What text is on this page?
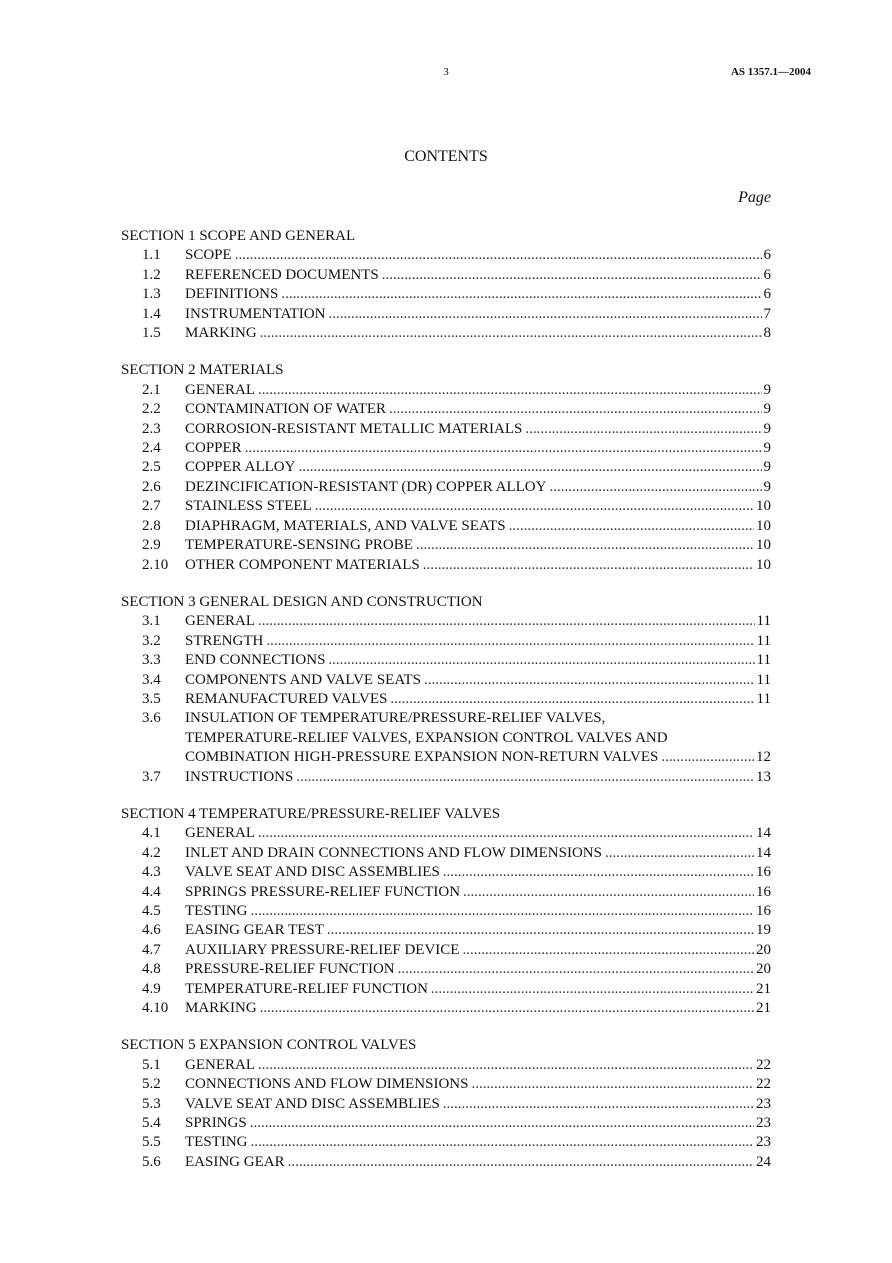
3	AS 1357.1—2004
CONTENTS
Page
SECTION 1 SCOPE AND GENERAL
1.1	SCOPE .....	6
1.2	REFERENCED DOCUMENTS .....	6
1.3	DEFINITIONS .....	6
1.4	INSTRUMENTATION .....	7
1.5	MARKING .....	8
SECTION 2 MATERIALS
2.1	GENERAL .....	9
2.2	CONTAMINATION OF WATER .....	9
2.3	CORROSION-RESISTANT METALLIC MATERIALS .....	9
2.4	COPPER .....	9
2.5	COPPER ALLOY .....	9
2.6	DEZINCIFICATION-RESISTANT (DR) COPPER ALLOY .....	9
2.7	STAINLESS STEEL .....	10
2.8	DIAPHRAGM, MATERIALS, AND VALVE SEATS .....	10
2.9	TEMPERATURE-SENSING PROBE .....	10
2.10	OTHER COMPONENT MATERIALS .....	10
SECTION 3 GENERAL DESIGN AND CONSTRUCTION
3.1	GENERAL .....	11
3.2	STRENGTH .....	11
3.3	END CONNECTIONS .....	11
3.4	COMPONENTS AND VALVE SEATS .....	11
3.5	REMANUFACTURED VALVES .....	11
3.6	INSULATION OF TEMPERATURE/PRESSURE-RELIEF VALVES,
TEMPERATURE-RELIEF VALVES, EXPANSION CONTROL VALVES AND
COMBINATION HIGH-PRESSURE EXPANSION NON-RETURN VALVES .....	12
3.7	INSTRUCTIONS .....	13
SECTION 4 TEMPERATURE/PRESSURE-RELIEF VALVES
4.1	GENERAL .....	14
4.2	INLET AND DRAIN CONNECTIONS AND FLOW DIMENSIONS .....	14
4.3	VALVE SEAT AND DISC ASSEMBLIES .....	16
4.4	SPRINGS PRESSURE-RELIEF FUNCTION .....	16
4.5	TESTING .....	16
4.6	EASING GEAR TEST .....	19
4.7	AUXILIARY PRESSURE-RELIEF DEVICE .....	20
4.8	PRESSURE-RELIEF FUNCTION .....	20
4.9	TEMPERATURE-RELIEF FUNCTION .....	21
4.10	MARKING .....	21
SECTION 5 EXPANSION CONTROL VALVES
5.1	GENERAL .....	22
5.2	CONNECTIONS AND FLOW DIMENSIONS .....	22
5.3	VALVE SEAT AND DISC ASSEMBLIES .....	23
5.4	SPRINGS .....	23
5.5	TESTING .....	23
5.6	EASING GEAR .....	24
